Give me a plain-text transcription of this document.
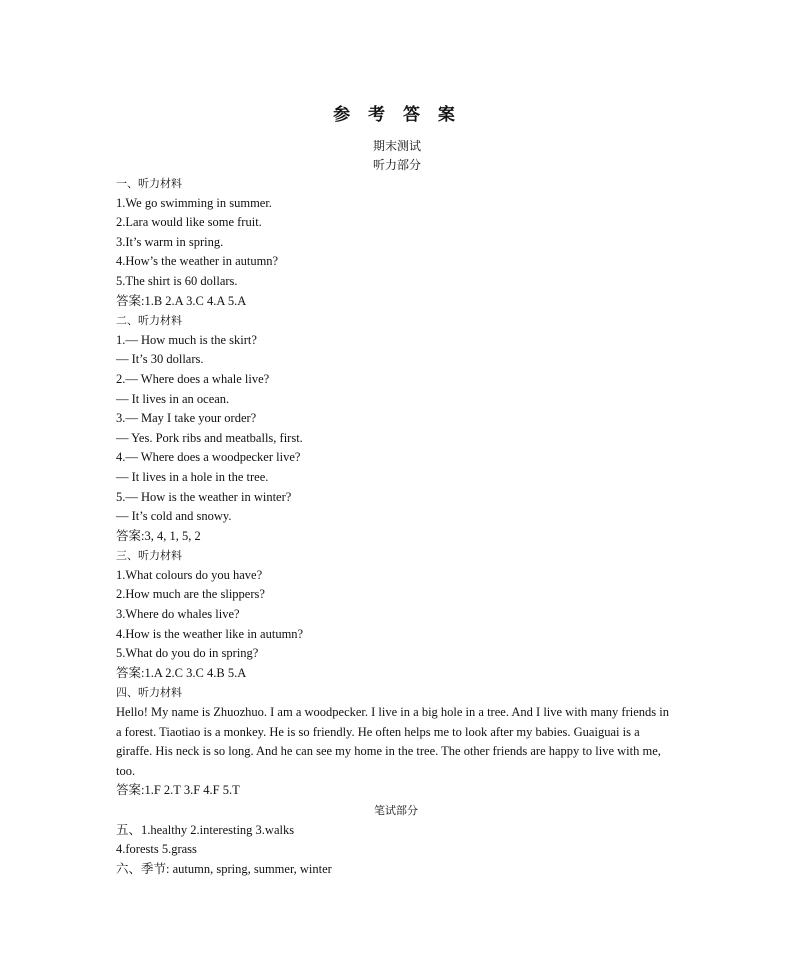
参 考 答 案
期末测试
听力部分
一、听力材料
1.We go swimming in summer.
2.Lara would like some fruit.
3.It’s warm in spring.
4.How’s the weather in autumn?
5.The shirt is 60 dollars.
答案:1.B 2.A 3.C 4.A 5.A
二、听力材料
1.— How much is the skirt?
— It’s 30 dollars.
2.— Where does a whale live?
— It lives in an ocean.
3.— May I take your order?
— Yes. Pork ribs and meatballs, first.
4.— Where does a woodpecker live?
— It lives in a hole in the tree.
5.— How is the weather in winter?
— It’s cold and snowy.
答案:3, 4, 1, 5, 2
三、听力材料
1.What colours do you have?
2.How much are the slippers?
3.Where do whales live?
4.How is the weather like in autumn?
5.What do you do in spring?
答案:1.A 2.C 3.C 4.B 5.A
四、听力材料
Hello! My name is Zhuozhuo. I am a woodpecker. I live in a big hole in a tree. And I live with many friends in a forest. Tiaotiao is a monkey. He is so friendly. He often helps me to look after my babies. Guaiguai is a giraffe. His neck is so long. And he can see my home in the tree. The other friends are happy to live with me, too.
答案:1.F 2.T 3.F 4.F 5.T
笔试部分
五、1.healthy 2.interesting 3.walks
4.forests 5.grass
六、季节: autumn, spring, summer, winter
